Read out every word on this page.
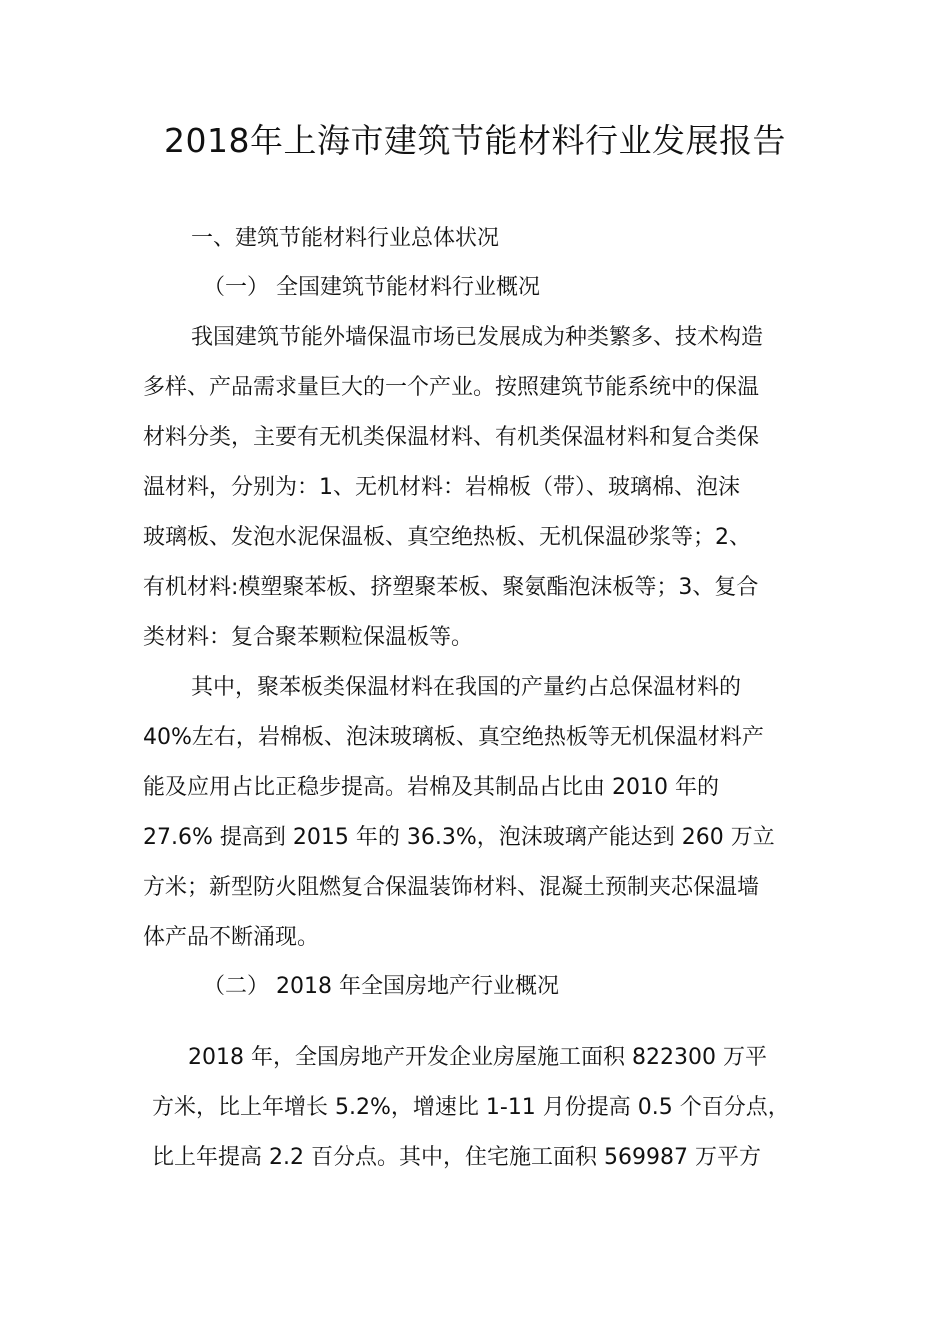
2018年上海市建筑节能材料行业发展报告
一、建筑节能材料行业总体状况
（一） 全国建筑节能材料行业概况
我国建筑节能外墙保温市场已发展成为种类繁多、技术构造
多样、产品需求量巨大的一个产业。按照建筑节能系统中的保温
材料分类，主要有无机类保温材料、有机类保温材料和复合类保
温材料，分别为：1、无机材料：岩棉板（带）、玻璃棉、泡沫
玻璃板、发泡水泥保温板、真空绝热板、无机保温砂浆等；2、
有机材料:模塑聚苯板、挤塑聚苯板、聚氨酯泡沫板等；3、复合
类材料：复合聚苯颗粒保温板等。
其中，聚苯板类保温材料在我国的产量约占总保温材料的
40%左右，岩棉板、泡沫玻璃板、真空绝热板等无机保温材料产
能及应用占比正稳步提高。岩棉及其制品占比由 2010 年的
27.6% 提高到 2015 年的 36.3%，泡沫玻璃产能达到 260 万立
方米；新型防火阻燃复合保温装饰材料、混凝土预制夹芯保温墙
体产品不断涌现。
（二） 2018 年全国房地产行业概况
2018 年，全国房地产开发企业房屋施工面积 822300 万平
方米，比上年增长 5.2%，增速比 1-11 月份提高 0.5 个百分点，
比上年提高 2.2 百分点。其中，住宅施工面积 569987 万平方
